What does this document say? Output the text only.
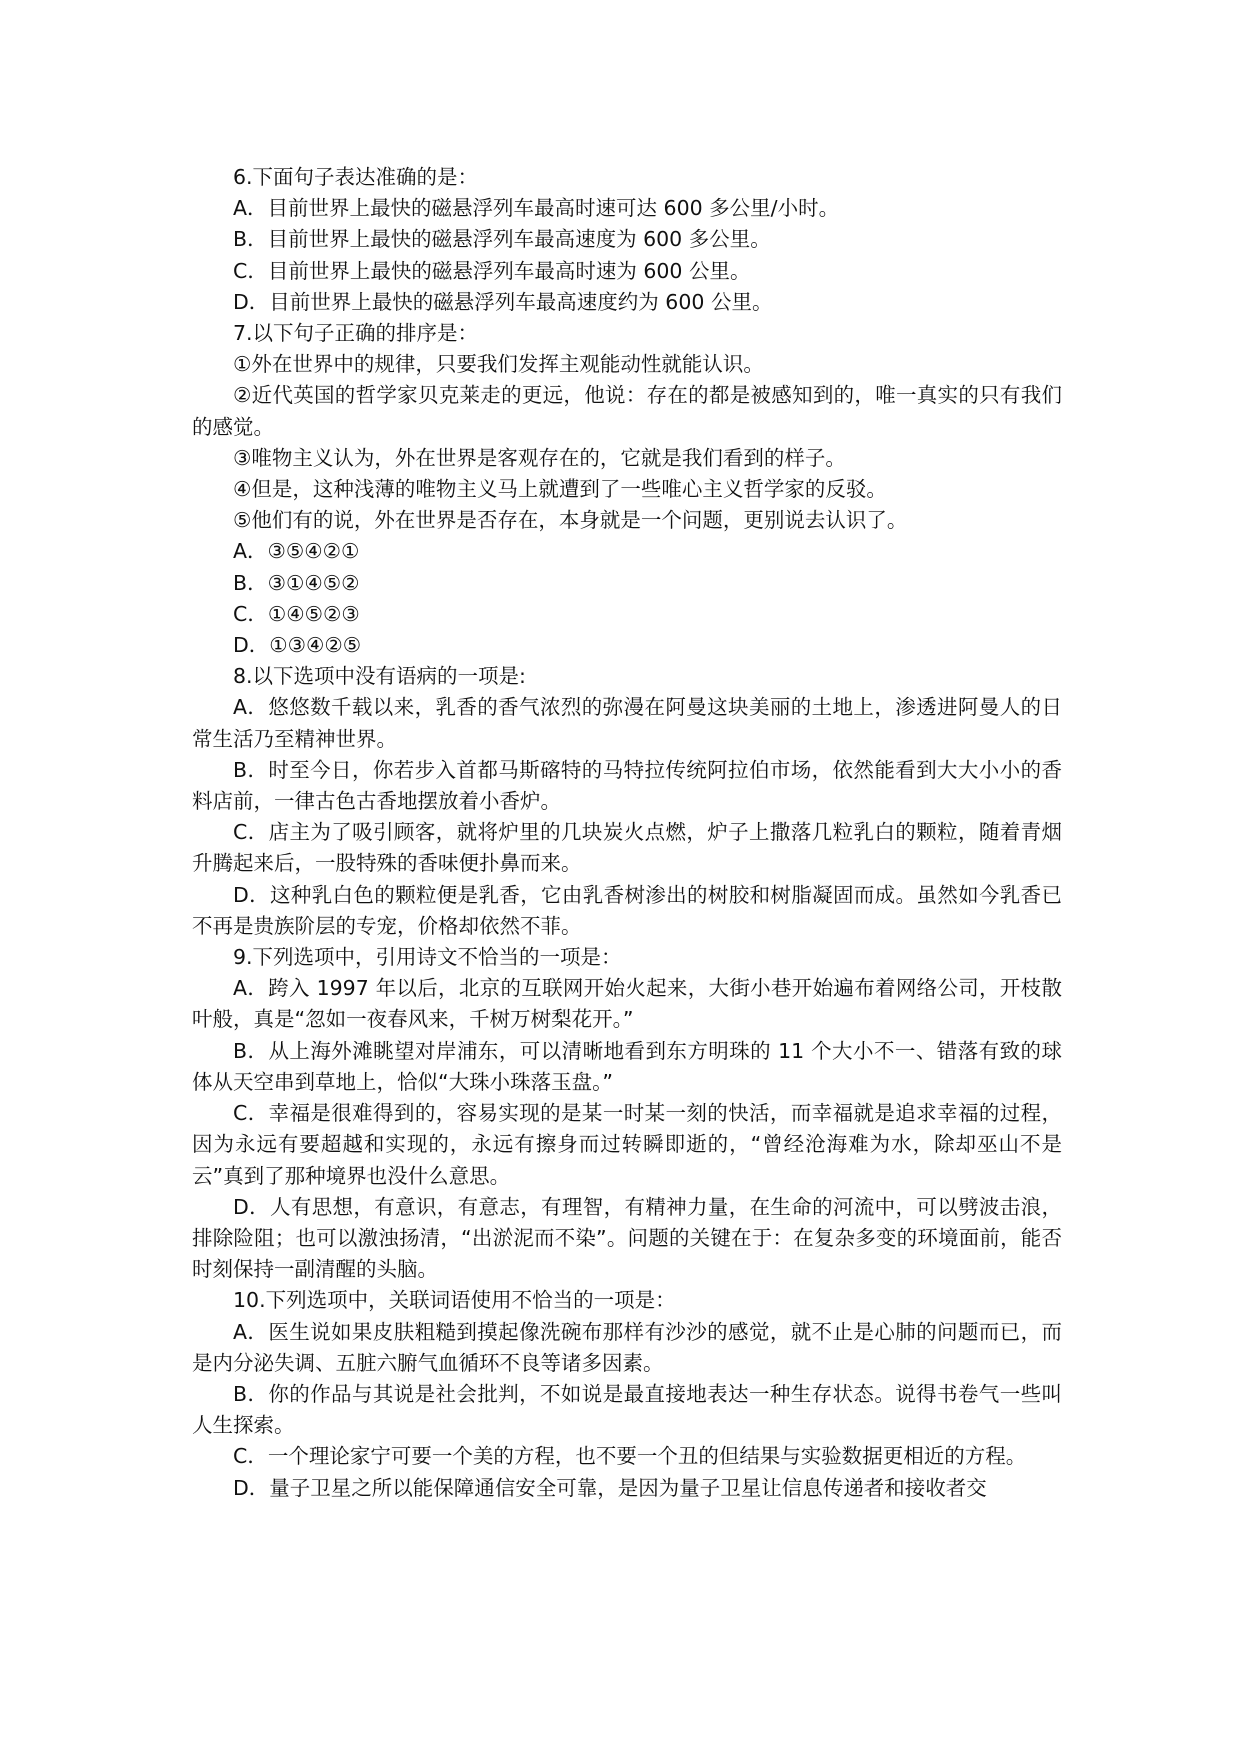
6.下面句子表达准确的是：

A．目前世界上最快的磁悬浮列车最高时速可达 600 多公里/小时。

B．目前世界上最快的磁悬浮列车最高速度为 600 多公里。

C．目前世界上最快的磁悬浮列车最高时速为 600 公里。

D．目前世界上最快的磁悬浮列车最高速度约为 600 公里。

7.以下句子正确的排序是：

①外在世界中的规律，只要我们发挥主观能动性就能认识。

②近代英国的哲学家贝克莱走的更远，他说：存在的都是被感知到的，唯一真实的只有我们的感觉。

③唯物主义认为，外在世界是客观存在的，它就是我们看到的样子。

④但是，这种浅薄的唯物主义马上就遭到了一些唯心主义哲学家的反驳。

⑤他们有的说，外在世界是否存在，本身就是一个问题，更别说去认识了。

A．③⑤④②①

B．③①④⑤②

C．①④⑤②③

D．①③④②⑤

8.以下选项中没有语病的一项是:

A．悠悠数千载以来，乳香的香气浓烈的弥漫在阿曼这块美丽的土地上，渗透进阿曼人的日常生活乃至精神世界。

B．时至今日，你若步入首都马斯碦特的马特拉传统阿拉伯市场，依然能看到大大小小的香料店前，一律古色古香地摆放着小香炉。

C．店主为了吸引顾客，就将炉里的几块炭火点燃，炉子上撒落几粒乳白的颗粒，随着青烟升腾起来后，一股特殊的香味便扑鼻而来。

D．这种乳白色的颗粒便是乳香，它由乳香树渗出的树胶和树脂凝固而成。虽然如今乳香已不再是贵族阶层的专宠，价格却依然不菲。

9.下列选项中，引用诗文不恰当的一项是：

A．跨入 1997 年以后，北京的互联网开始火起来，大街小巷开始遍布着网络公司，开枝散叶般，真是“忽如一夜春风来，千树万树梨花开。”

B．从上海外滩眺望对岸浦东，可以清晰地看到东方明珠的 11 个大小不一、错落有致的球体从天空串到草地上，恰似“大珠小珠落玉盘。”

C．幸福是很难得到的，容易实现的是某一时某一刻的快活，而幸福就是追求幸福的过程，因为永远有要超越和实现的，永远有擦身而过转瞬即逝的，“曾经沧海难为水，除却巫山不是云”真到了那种境界也没什么意思。

D．人有思想，有意识，有意志，有理智，有精神力量，在生命的河流中，可以劈波击浪，排除险阻；也可以激浊扬清，“出淤泥而不染”。问题的关键在于：在复杂多变的环境面前，能否时刻保持一副清醒的头脑。

10.下列选项中，关联词语使用不恰当的一项是：

A．医生说如果皮肤粗糙到摸起像洗碗布那样有沙沙的感觉，就不止是心肺的问题而已，而是内分泌失调、五脏六腑气血循环不良等诸多因素。

B．你的作品与其说是社会批判，不如说是最直接地表达一种生存状态。说得书卷气一些叫人生探索。

C．一个理论家宁可要一个美的方程，也不要一个丑的但结果与实验数据更相近的方程。

D．量子卫星之所以能保障通信安全可靠，是因为量子卫星让信息传递者和接收者交
